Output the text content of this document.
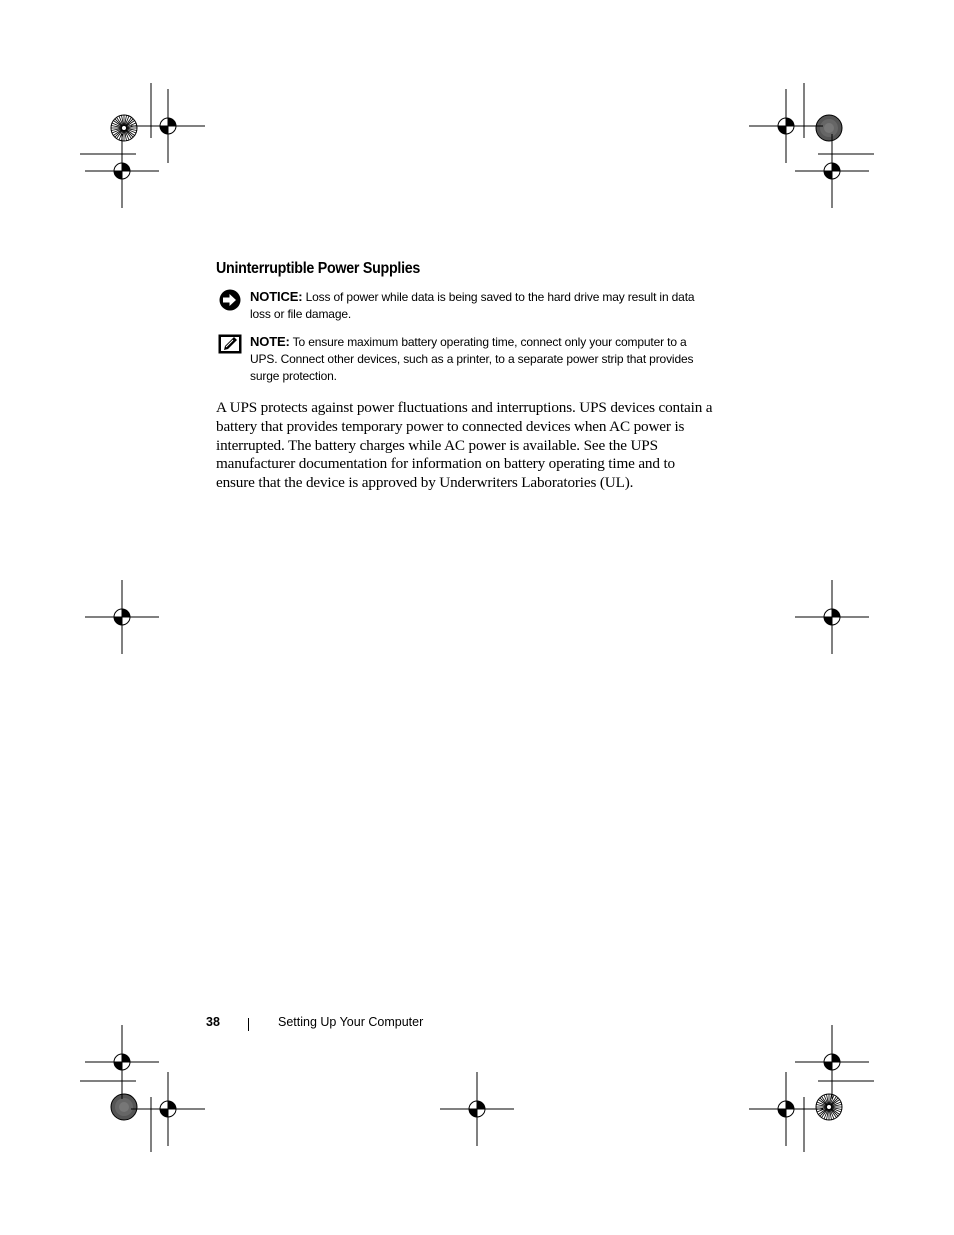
Uninterruptible Power Supplies
NOTICE: Loss of power while data is being saved to the hard drive may result in data loss or file damage.
NOTE: To ensure maximum battery operating time, connect only your computer to a UPS. Connect other devices, such as a printer, to a separate power strip that provides surge protection.

A UPS protects against power fluctuations and interruptions. UPS devices contain a battery that provides temporary power to connected devices when AC power is interrupted. The battery charges while AC power is available. See the UPS manufacturer documentation for information on battery operating time and to ensure that the device is approved by Underwriters Laboratories (UL).

38	Setting Up Your Computer
